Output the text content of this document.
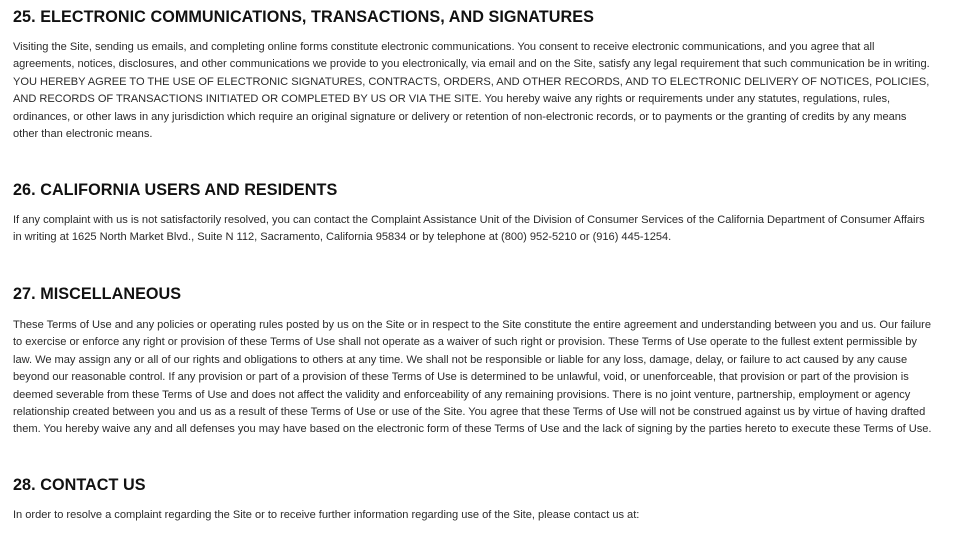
25. ELECTRONIC COMMUNICATIONS, TRANSACTIONS, AND SIGNATURES

Visiting the Site, sending us emails, and completing online forms constitute electronic communications. You consent to receive electronic communications, and you agree that all
agreements, notices, disclosures, and other communications we provide to you electronically, via email and on the Site, satisfy any legal requirement that such communication be in writing.
YOU HEREBY AGREE TO THE USE OF ELECTRONIC SIGNATURES, CONTRACTS, ORDERS, AND OTHER RECORDS, AND TO ELECTRONIC DELIVERY OF NOTICES, POLICIES,
AND RECORDS OF TRANSACTIONS INITIATED OR COMPLETED BY US OR VIA THE SITE. You hereby waive any rights or requirements under any statutes, regulations, rules,
ordinances, or other laws in any jurisdiction which require an original signature or delivery or retention of non-electronic records, or to payments or the granting of credits by any means
other than electronic means.

26. CALIFORNIA USERS AND RESIDENTS

If any complaint with us is not satisfactorily resolved, you can contact the Complaint Assistance Unit of the Division of Consumer Services of the California Department of Consumer Affairs
in writing at 1625 North Market Blvd., Suite N 112, Sacramento, California 95834 or by telephone at (800) 952-5210 or (916) 445-1254.

27. MISCELLANEOUS

These Terms of Use and any policies or operating rules posted by us on the Site or in respect to the Site constitute the entire agreement and understanding between you and us. Our failure
to exercise or enforce any right or provision of these Terms of Use shall not operate as a waiver of such right or provision. These Terms of Use operate to the fullest extent permissible by
law. We may assign any or all of our rights and obligations to others at any time. We shall not be responsible or liable for any loss, damage, delay, or failure to act caused by any cause
beyond our reasonable control. If any provision or part of a provision of these Terms of Use is determined to be unlawful, void, or unenforceable, that provision or part of the provision is
deemed severable from these Terms of Use and does not affect the validity and enforceability of any remaining provisions. There is no joint venture, partnership, employment or agency
relationship created between you and us as a result of these Terms of Use or use of the Site. You agree that these Terms of Use will not be construed against us by virtue of having drafted
them. You hereby waive any and all defenses you may have based on the electronic form of these Terms of Use and the lack of signing by the parties hereto to execute these Terms of Use.

28. CONTACT US

In order to resolve a complaint regarding the Site or to receive further information regarding use of the Site, please contact us at:
